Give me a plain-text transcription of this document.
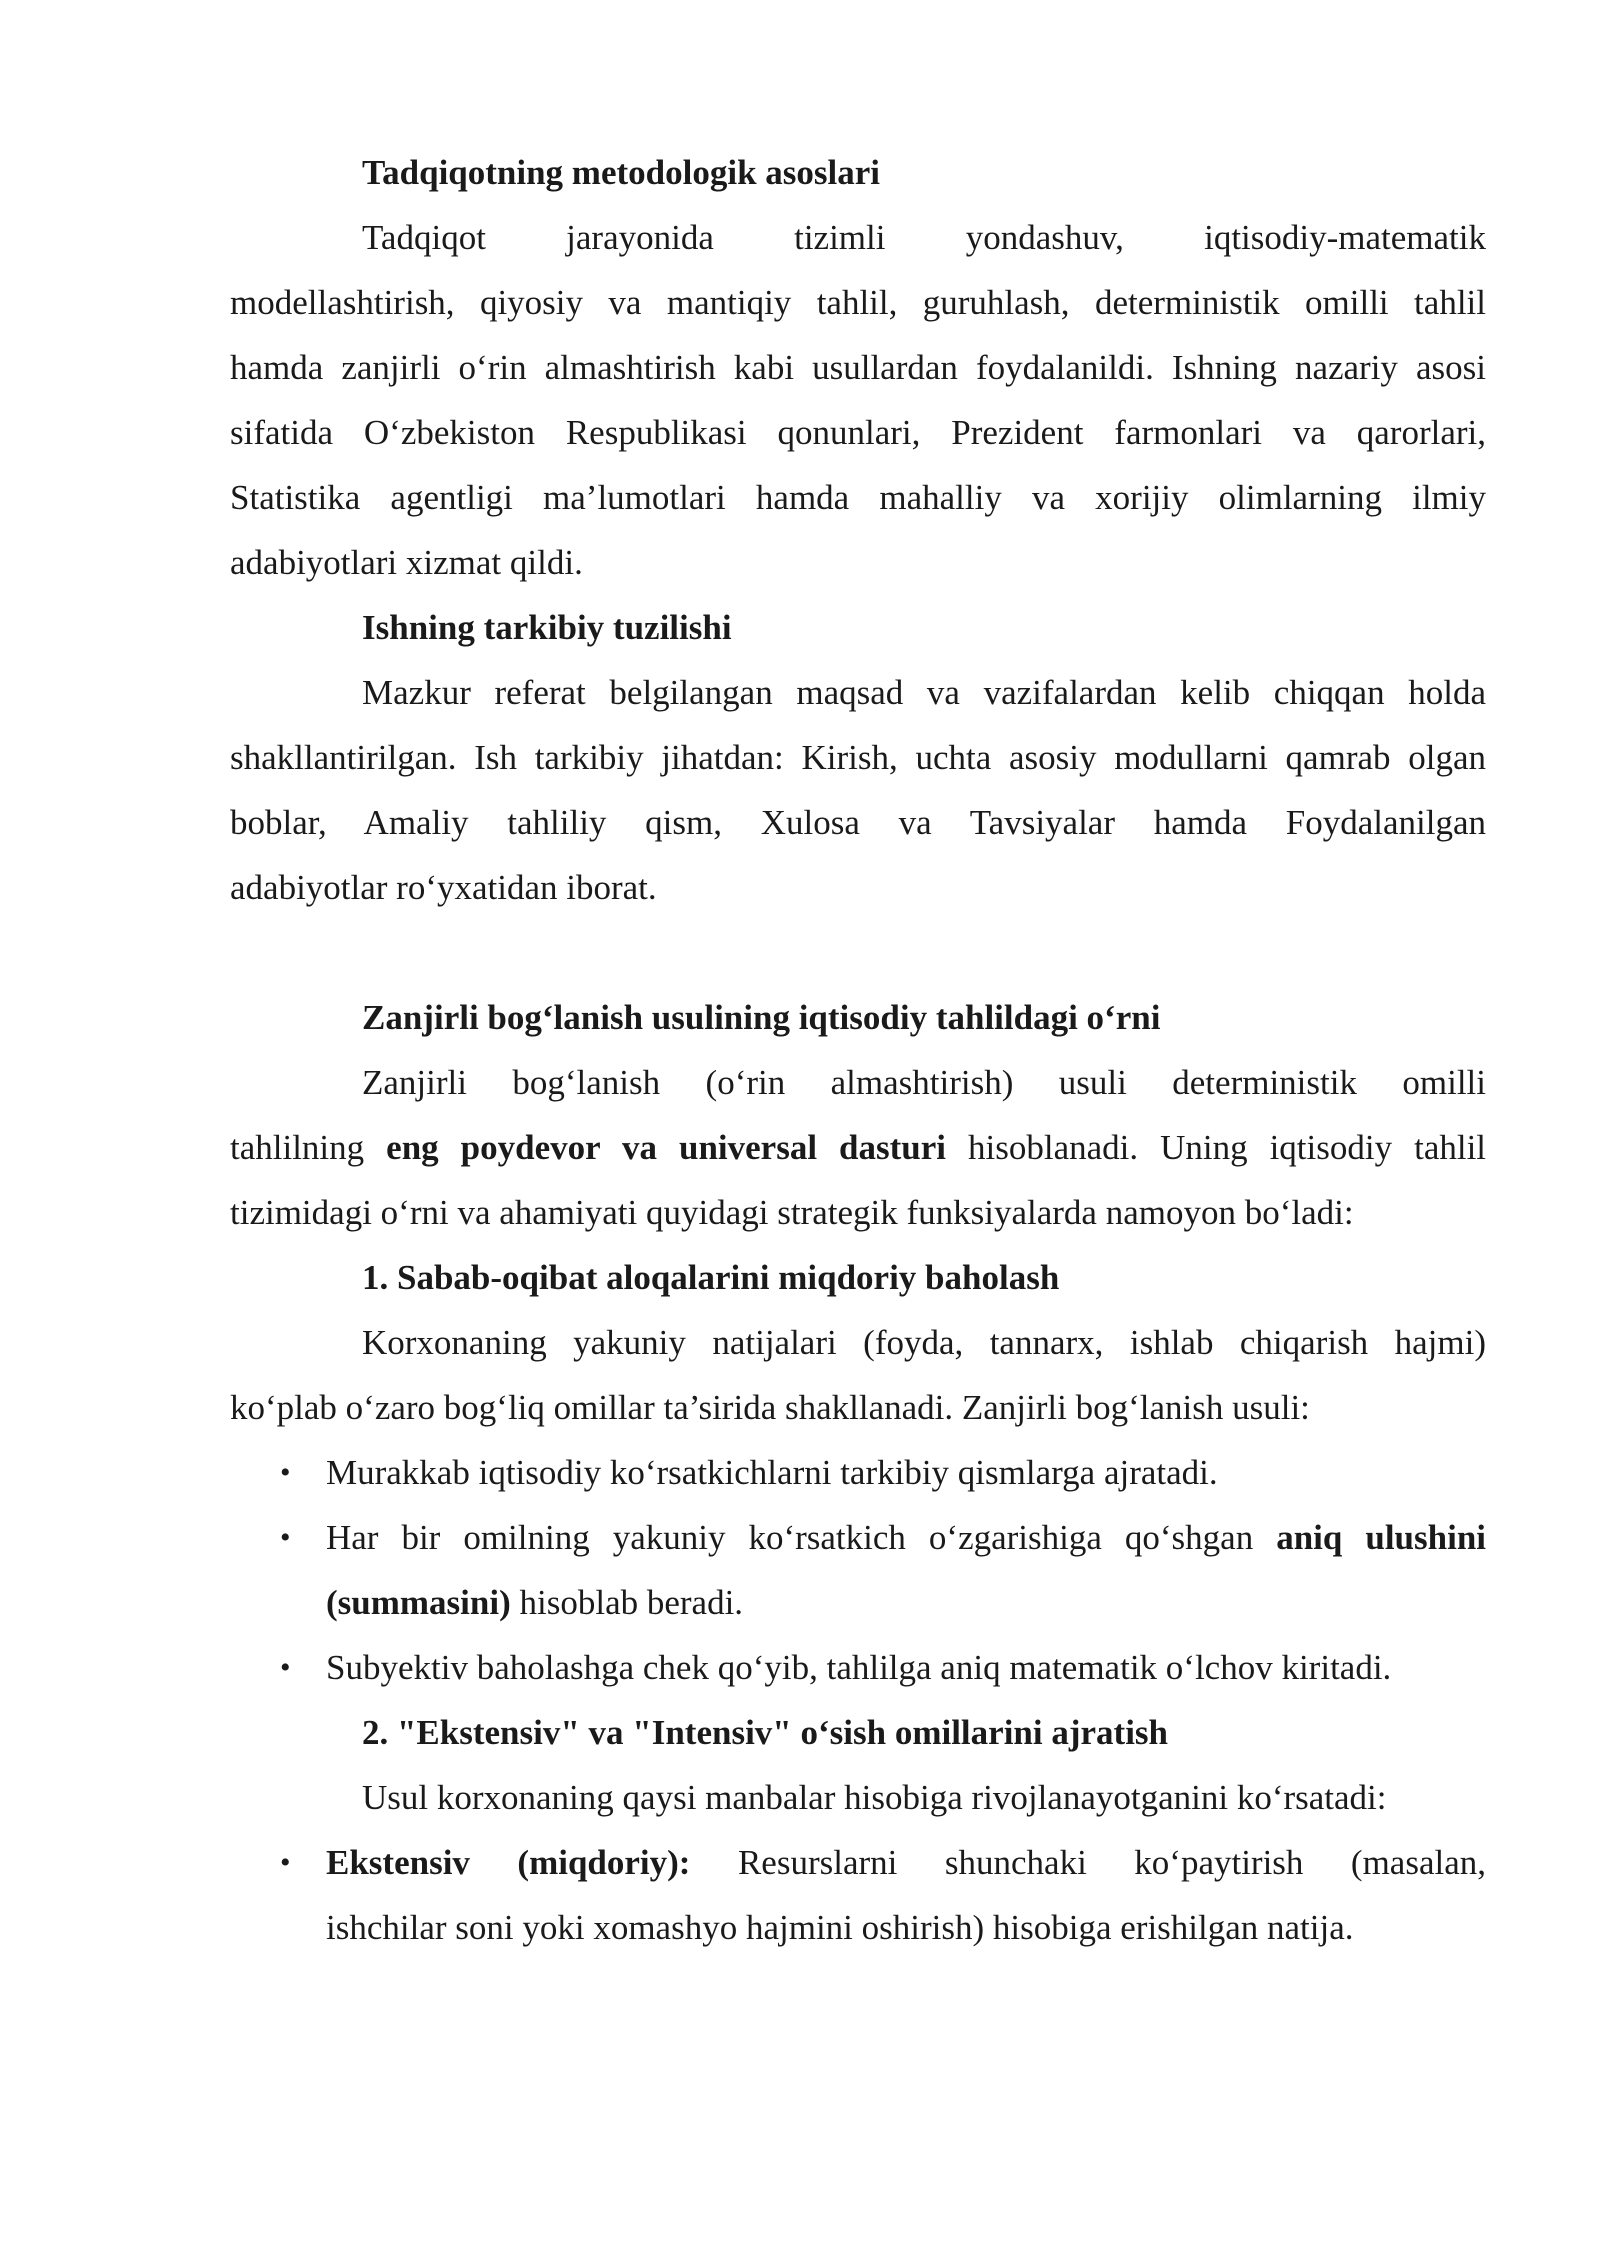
Tadqiqotning metodologik asoslari
Tadqiqot jarayonida tizimli yondashuv, iqtisodiy-matematik
modellashtirish, qiyosiy va mantiqiy tahlil, guruhlash, deterministik omilli tahlil
hamda zanjirli o‘rin almashtirish kabi usullardan foydalanildi. Ishning nazariy asosi
sifatida O‘zbekiston Respublikasi qonunlari, Prezident farmonlari va qarorlari,
Statistika agentligi ma’lumotlari hamda mahalliy va xorijiy olimlarning ilmiy
adabiyotlari xizmat qildi.
Ishning tarkibiy tuzilishi
Mazkur referat belgilangan maqsad va vazifalardan kelib chiqqan holda
shakllantirilgan. Ish tarkibiy jihatdan: Kirish, uchta asosiy modullarni qamrab olgan
boblar, Amaliy tahliliy qism, Xulosa va Tavsiyalar hamda Foydalanilgan
adabiyotlar ro‘yxatidan iborat.
Zanjirli bog‘lanish usulining iqtisodiy tahlildagi o‘rni
Zanjirli bog‘lanish (o‘rin almashtirish) usuli deterministik omilli
tahlilning eng poydevor va universal dasturi hisoblanadi. Uning iqtisodiy tahlil
tizimidagi o‘rni va ahamiyati quyidagi strategik funksiyalarda namoyon bo‘ladi:
1. Sabab-oqibat aloqalarini miqdoriy baholash
Korxonaning yakuniy natijalari (foyda, tannarx, ishlab chiqarish hajmi)
ko‘plab o‘zaro bog‘liq omillar ta’sirida shakllanadi. Zanjirli bog‘lanish usuli:
• Murakkab iqtisodiy ko‘rsatkichlarni tarkibiy qismlarga ajratadi.
• Har bir omilning yakuniy ko‘rsatkich o‘zgarishiga qo‘shgan aniq ulushini
(summasini) hisoblab beradi.
• Subyektiv baholashga chek qo‘yib, tahlilga aniq matematik o‘lchov kiritadi.
2. "Ekstensiv" va "Intensiv" o‘sish omillarini ajratish
Usul korxonaning qaysi manbalar hisobiga rivojlanayotganini ko‘rsatadi:
• Ekstensiv (miqdoriy): Resurslarni shunchaki ko‘paytirish (masalan,
ishchilar soni yoki xomashyo hajmini oshirish) hisobiga erishilgan natija.
